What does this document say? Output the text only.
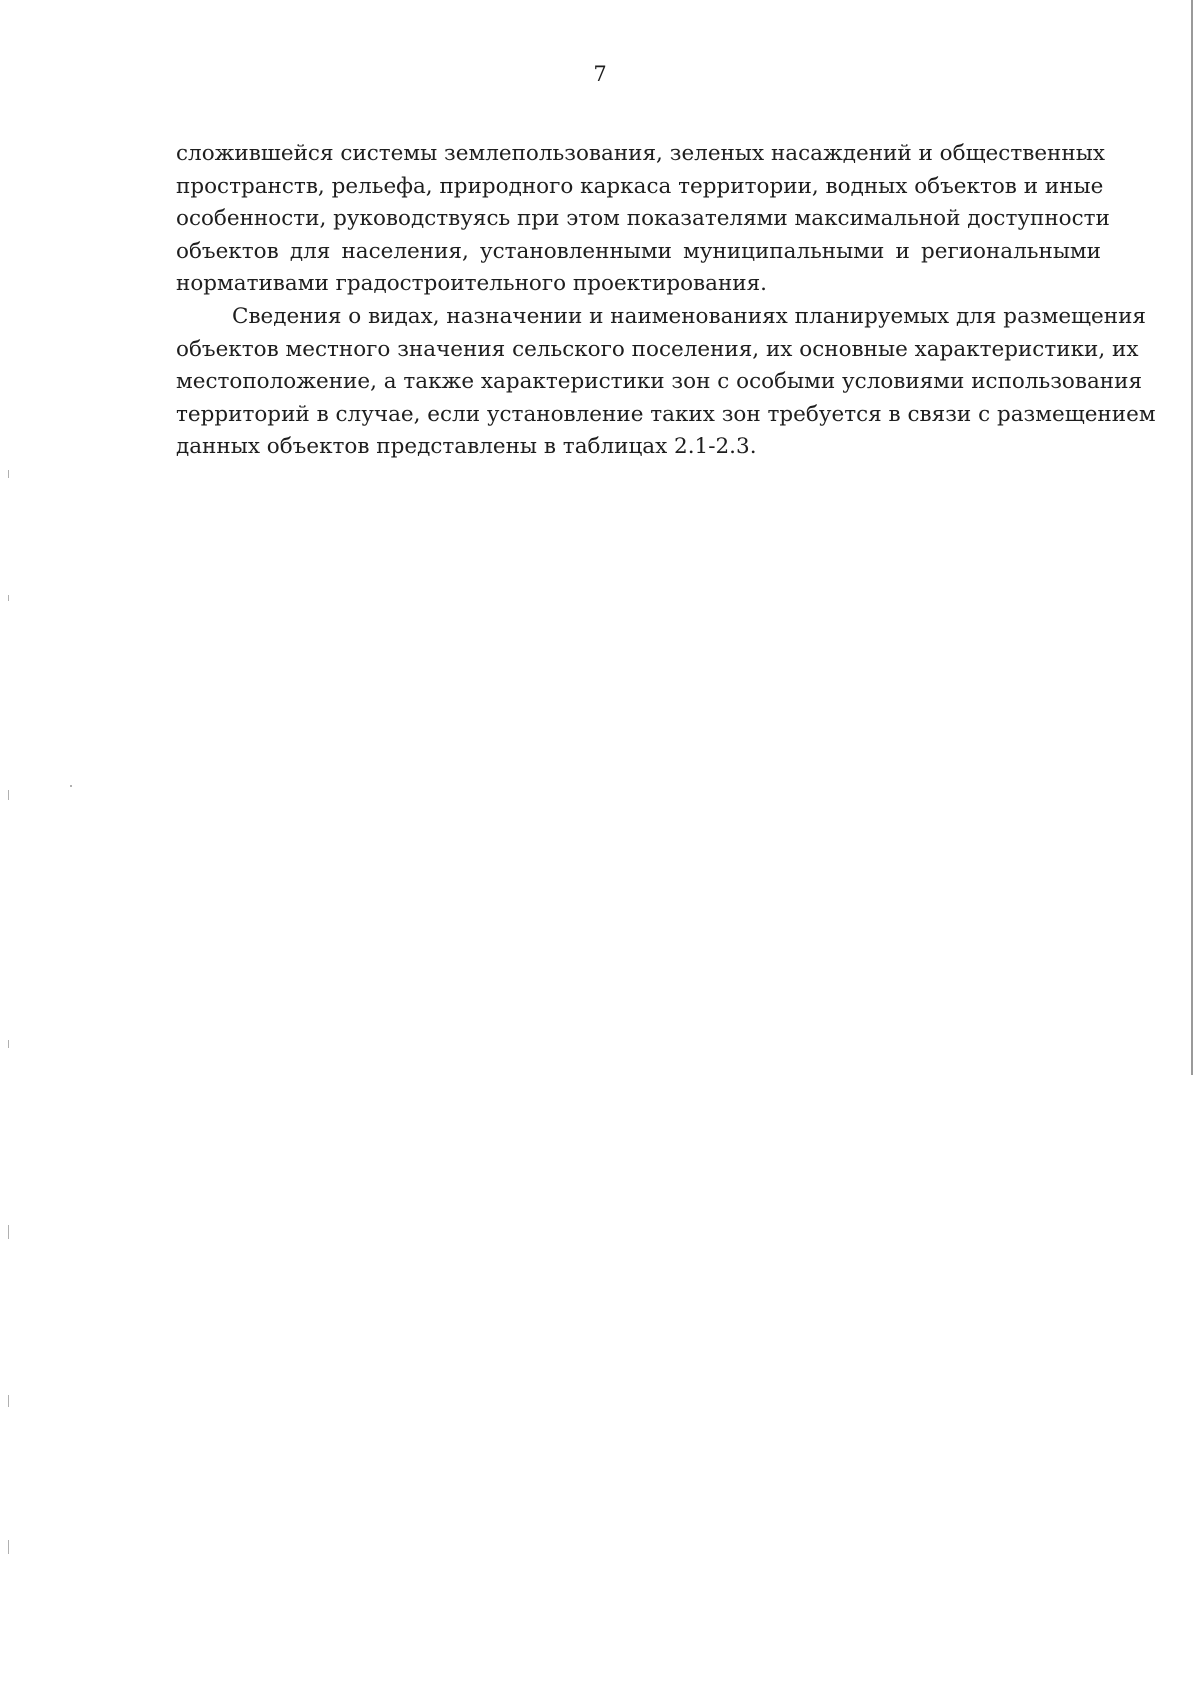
7

сложившейся системы землепользования, зеленых насаждений и общественных
пространств, рельефа, природного каркаса территории, водных объектов и иные
особенности, руководствуясь при этом показателями максимальной доступности
объектов для населения, установленными муниципальными и региональными
нормативами градостроительного проектирования.

Сведения о видах, назначении и наименованиях планируемых для размещения
объектов местного значения сельского поселения, их основные характеристики, их
местоположение, а также характеристики зон с особыми условиями использования
территорий в случае, если установление таких зон требуется в связи с размещением
данных объектов представлены в таблицах 2.1-2.3.
